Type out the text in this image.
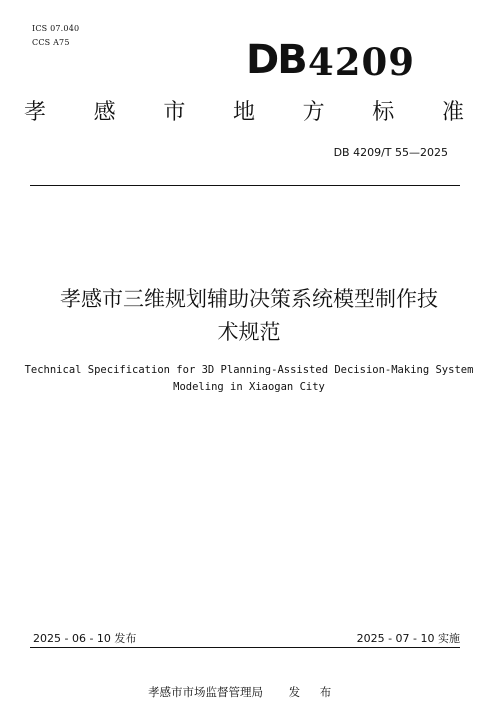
ICS 07.040
CCS A75	DB 4209
孝 感 市 地 方 标 准
DB 4209/T 55—2025
孝感市三维规划辅助决策系统模型制作技
术规范
Technical Specification for 3D Planning-Assisted Decision-Making System
Modeling in Xiaogan City
2025 - 06 - 10 发布	2025 - 07 - 10 实施
孝感市市场监督管理局 发 布
